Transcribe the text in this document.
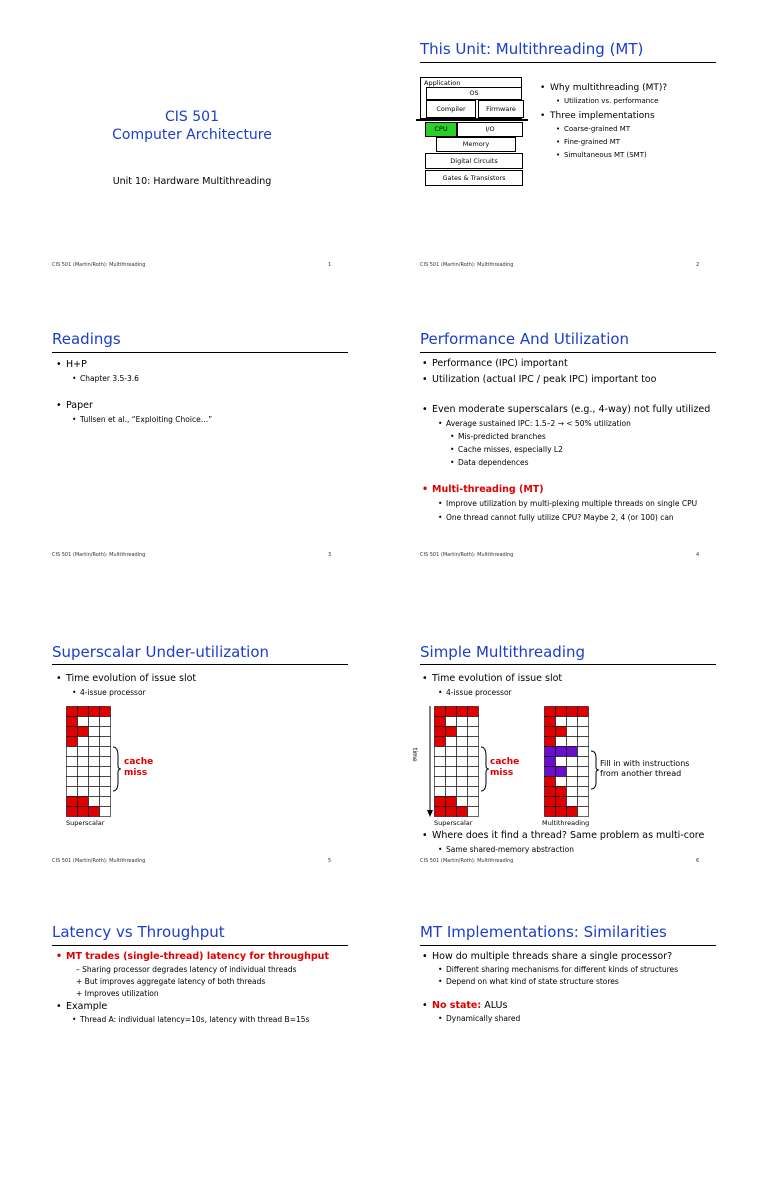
CIS 501
Computer Architecture
Unit 10: Hardware Multithreading
CIS 501 (Martin/Roth): Multithreading	1
This Unit: Multithreading (MT)
Application
OS
Compiler	Firmware
CPU	I/O
Memory
Digital Circuits
Gates & Transistors
• Why multithreading (MT)?
• Utilization vs. performance
• Three implementations
• Coarse-grained MT
• Fine-grained MT
• Simultaneous MT (SMT)
CIS 501 (Martin/Roth): Multithreading	2
Readings
• H+P
• Chapter 3.5-3.6
• Paper
• Tullsen et al., “Exploiting Choice…”
CIS 501 (Martin/Roth): Multithreading	3
Performance And Utilization
• Performance (IPC) important
• Utilization (actual IPC / peak IPC) important too
• Even moderate superscalars (e.g., 4-way) not fully utilized
• Average sustained IPC: 1.5–2 → < 50% utilization
• Mis-predicted branches
• Cache misses, especially L2
• Data dependences
• Multi-threading (MT)
• Improve utilization by multi-plexing multiple threads on single CPU
• One thread cannot fully utilize CPU? Maybe 2, 4 (or 100) can
CIS 501 (Martin/Roth): Multithreading	4
Superscalar Under-utilization
• Time evolution of issue slot
• 4-issue processor
cache
miss
Superscalar
CIS 501 (Martin/Roth): Multithreading	5
Simple Multithreading
• Time evolution of issue slot
• 4-issue processor
time
cache
miss
Fill in with instructions
from another thread
Superscalar	Multithreading
• Where does it find a thread? Same problem as multi-core
• Same shared-memory abstraction
CIS 501 (Martin/Roth): Multithreading	6
Latency vs Throughput
• MT trades (single-thread) latency for throughput
– Sharing processor degrades latency of individual threads
+ But improves aggregate latency of both threads
+ Improves utilization
• Example
• Thread A: individual latency=10s, latency with thread B=15s
MT Implementations: Similarities
• How do multiple threads share a single processor?
• Different sharing mechanisms for different kinds of structures
• Depend on what kind of state structure stores
• No state: ALUs
• Dynamically shared
